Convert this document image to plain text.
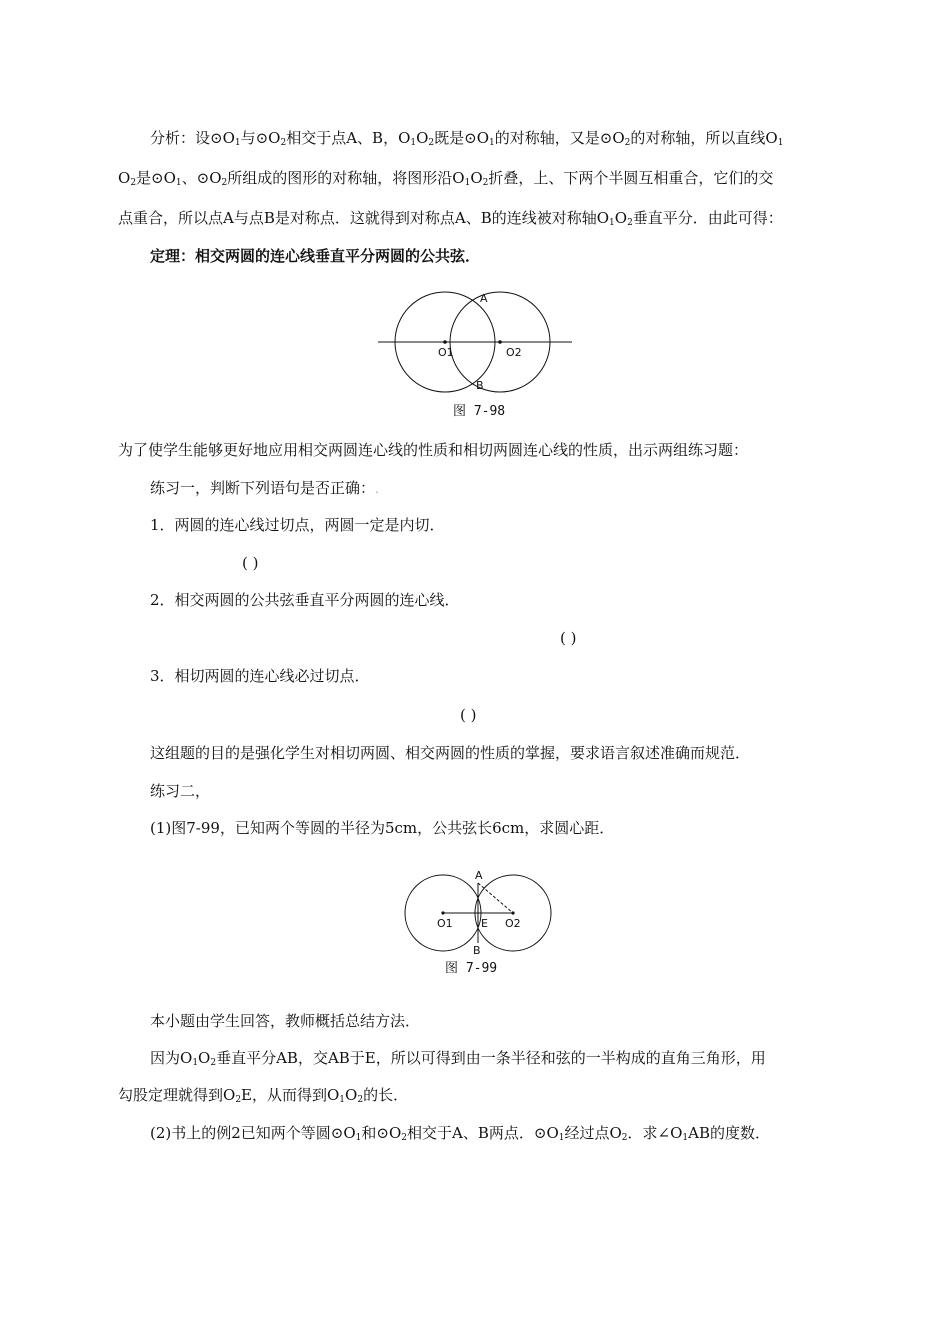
分析：设$⊙O_1$与$⊙O_2$相交于点A、B，$O_1O_2$既是$⊙O_1$的对称轴，又是$⊙O_2$的对称轴，所以直线$O_1$
$O_2$是$⊙O_1$、$⊙O_2$所组成的图形的对称轴，将图形沿$O_1O_2$折叠，上、下两个半圆互相重合，它们的交
点重合，所以点A与点B是对称点．这就得到对称点A、B的连线被对称轴$O_1O_2$垂直平分．由此可得：
定理：相交两圆的连心线垂直平分两圆的公共弦．
A
B
O1	O2
图 7-98
为了使学生能够更好地应用相交两圆连心线的性质和相切两圆连心线的性质，出示两组练习题：
练习一，判断下列语句是否正确：.
1．两圆的连心线过切点，两圆一定是内切．
( )
2．相交两圆的公共弦垂直平分两圆的连心线．
( )
3．相切两圆的连心线必过切点．
( )
这组题的目的是强化学生对相切两圆、相交两圆的性质的掌握，要求语言叙述准确而规范．
练习二，
(1)图7-99，已知两个等圆的半径为5cm，公共弦长6cm，求圆心距．
A
B
E
O1	O2
图 7-99
本小题由学生回答，教师概括总结方法．
因为$O_1O_2$垂直平分AB，交AB于E，所以可得到由一条半径和弦的一半构成的直角三角形，用
勾股定理就得到$O_2E$，从而得到$O_1O_2$的长．
(2)书上的例2已知两个等圆$⊙O_1$和$⊙O_2$相交于A、B两点．$⊙O_1$经过点$O_2$．求$\angle O_1AB$的度数．
